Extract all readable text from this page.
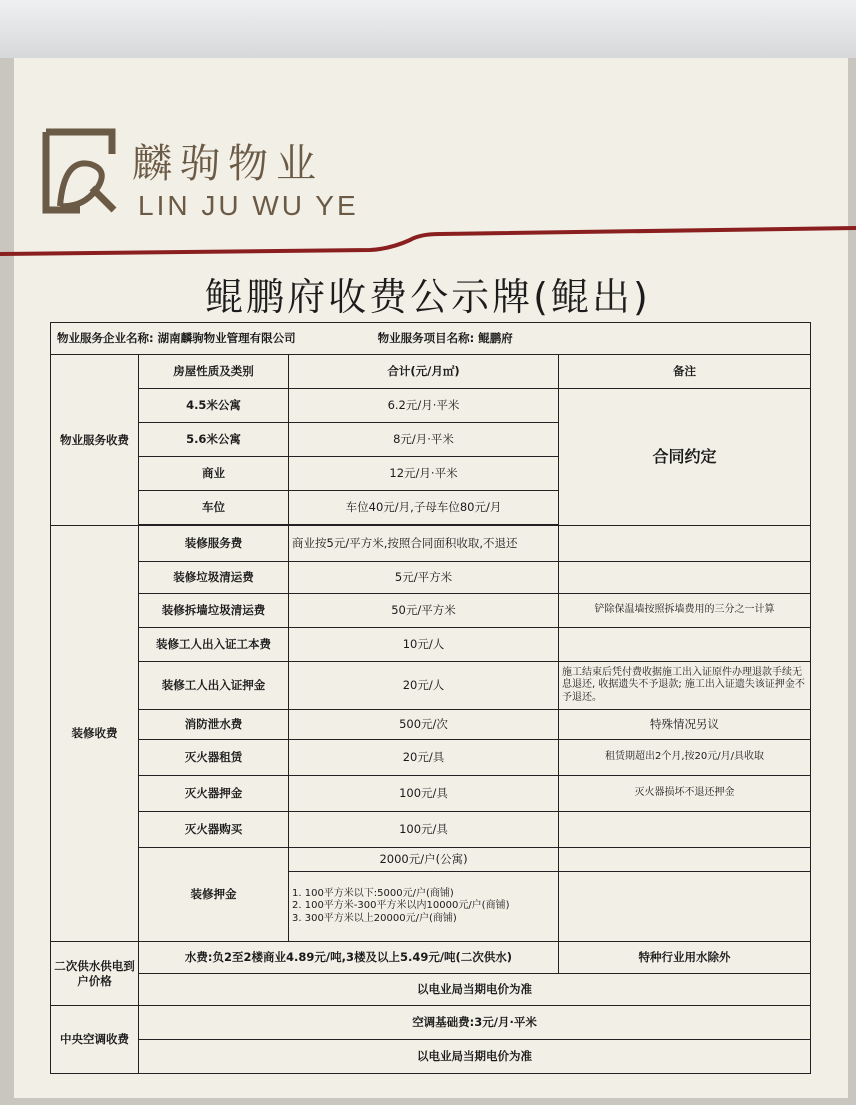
麟驹物业
LIN JU WU YE
鲲鹏府收费公示牌(鲲出)
物业服务企业名称: 湖南麟驹物业管理有限公司 物业服务项目名称: 鲲鹏府			
物业服务收费	房屋性质及类别	合计(元/月㎡)	备注
	4.5米公寓	6.2元/月·平米	合同约定
	5.6米公寓	8元/月·平米	
	商业	12元/月·平米	
	车位	车位40元/月,子母车位80元/月	

装修收费	装修服务费	商业按5元/平方米,按照合同面积收取,不退还	
	装修垃圾清运费	5元/平方米	
	装修拆墙垃圾清运费	50元/平方米	铲除保温墙按照拆墙费用的三分之一计算
	装修工人出入证工本费	10元/人	
	装修工人出入证押金	20元/人	施工结束后凭付费收据施工出入证原件办理退款手续无息退还, 收据遗失不予退款; 施工出入证遗失该证押金不予退还。
	消防泄水费	500元/次	特殊情况另议
	灭火器租赁	20元/具	租赁期超出2个月,按20元/月/具收取
	灭火器押金	100元/具	灭火器损坏不退还押金
	灭火器购买	100元/具	
	装修押金	2000元/户(公寓)	

		1. 100平方米以下:5000元/户(商铺)
2. 100平方米-300平方米以内10000元/户(商铺)
3. 300平方米以上20000元/户(商铺)	

二次供水供电到户价格	水费:负2至2楼商业4.89元/吨,3楼及以上5.49元/吨(二次供水)		特种行业用水除外
	以电业局当期电价为准		
中央空调收费	空调基础费:3元/月·平米		
	以电业局当期电价为准		
